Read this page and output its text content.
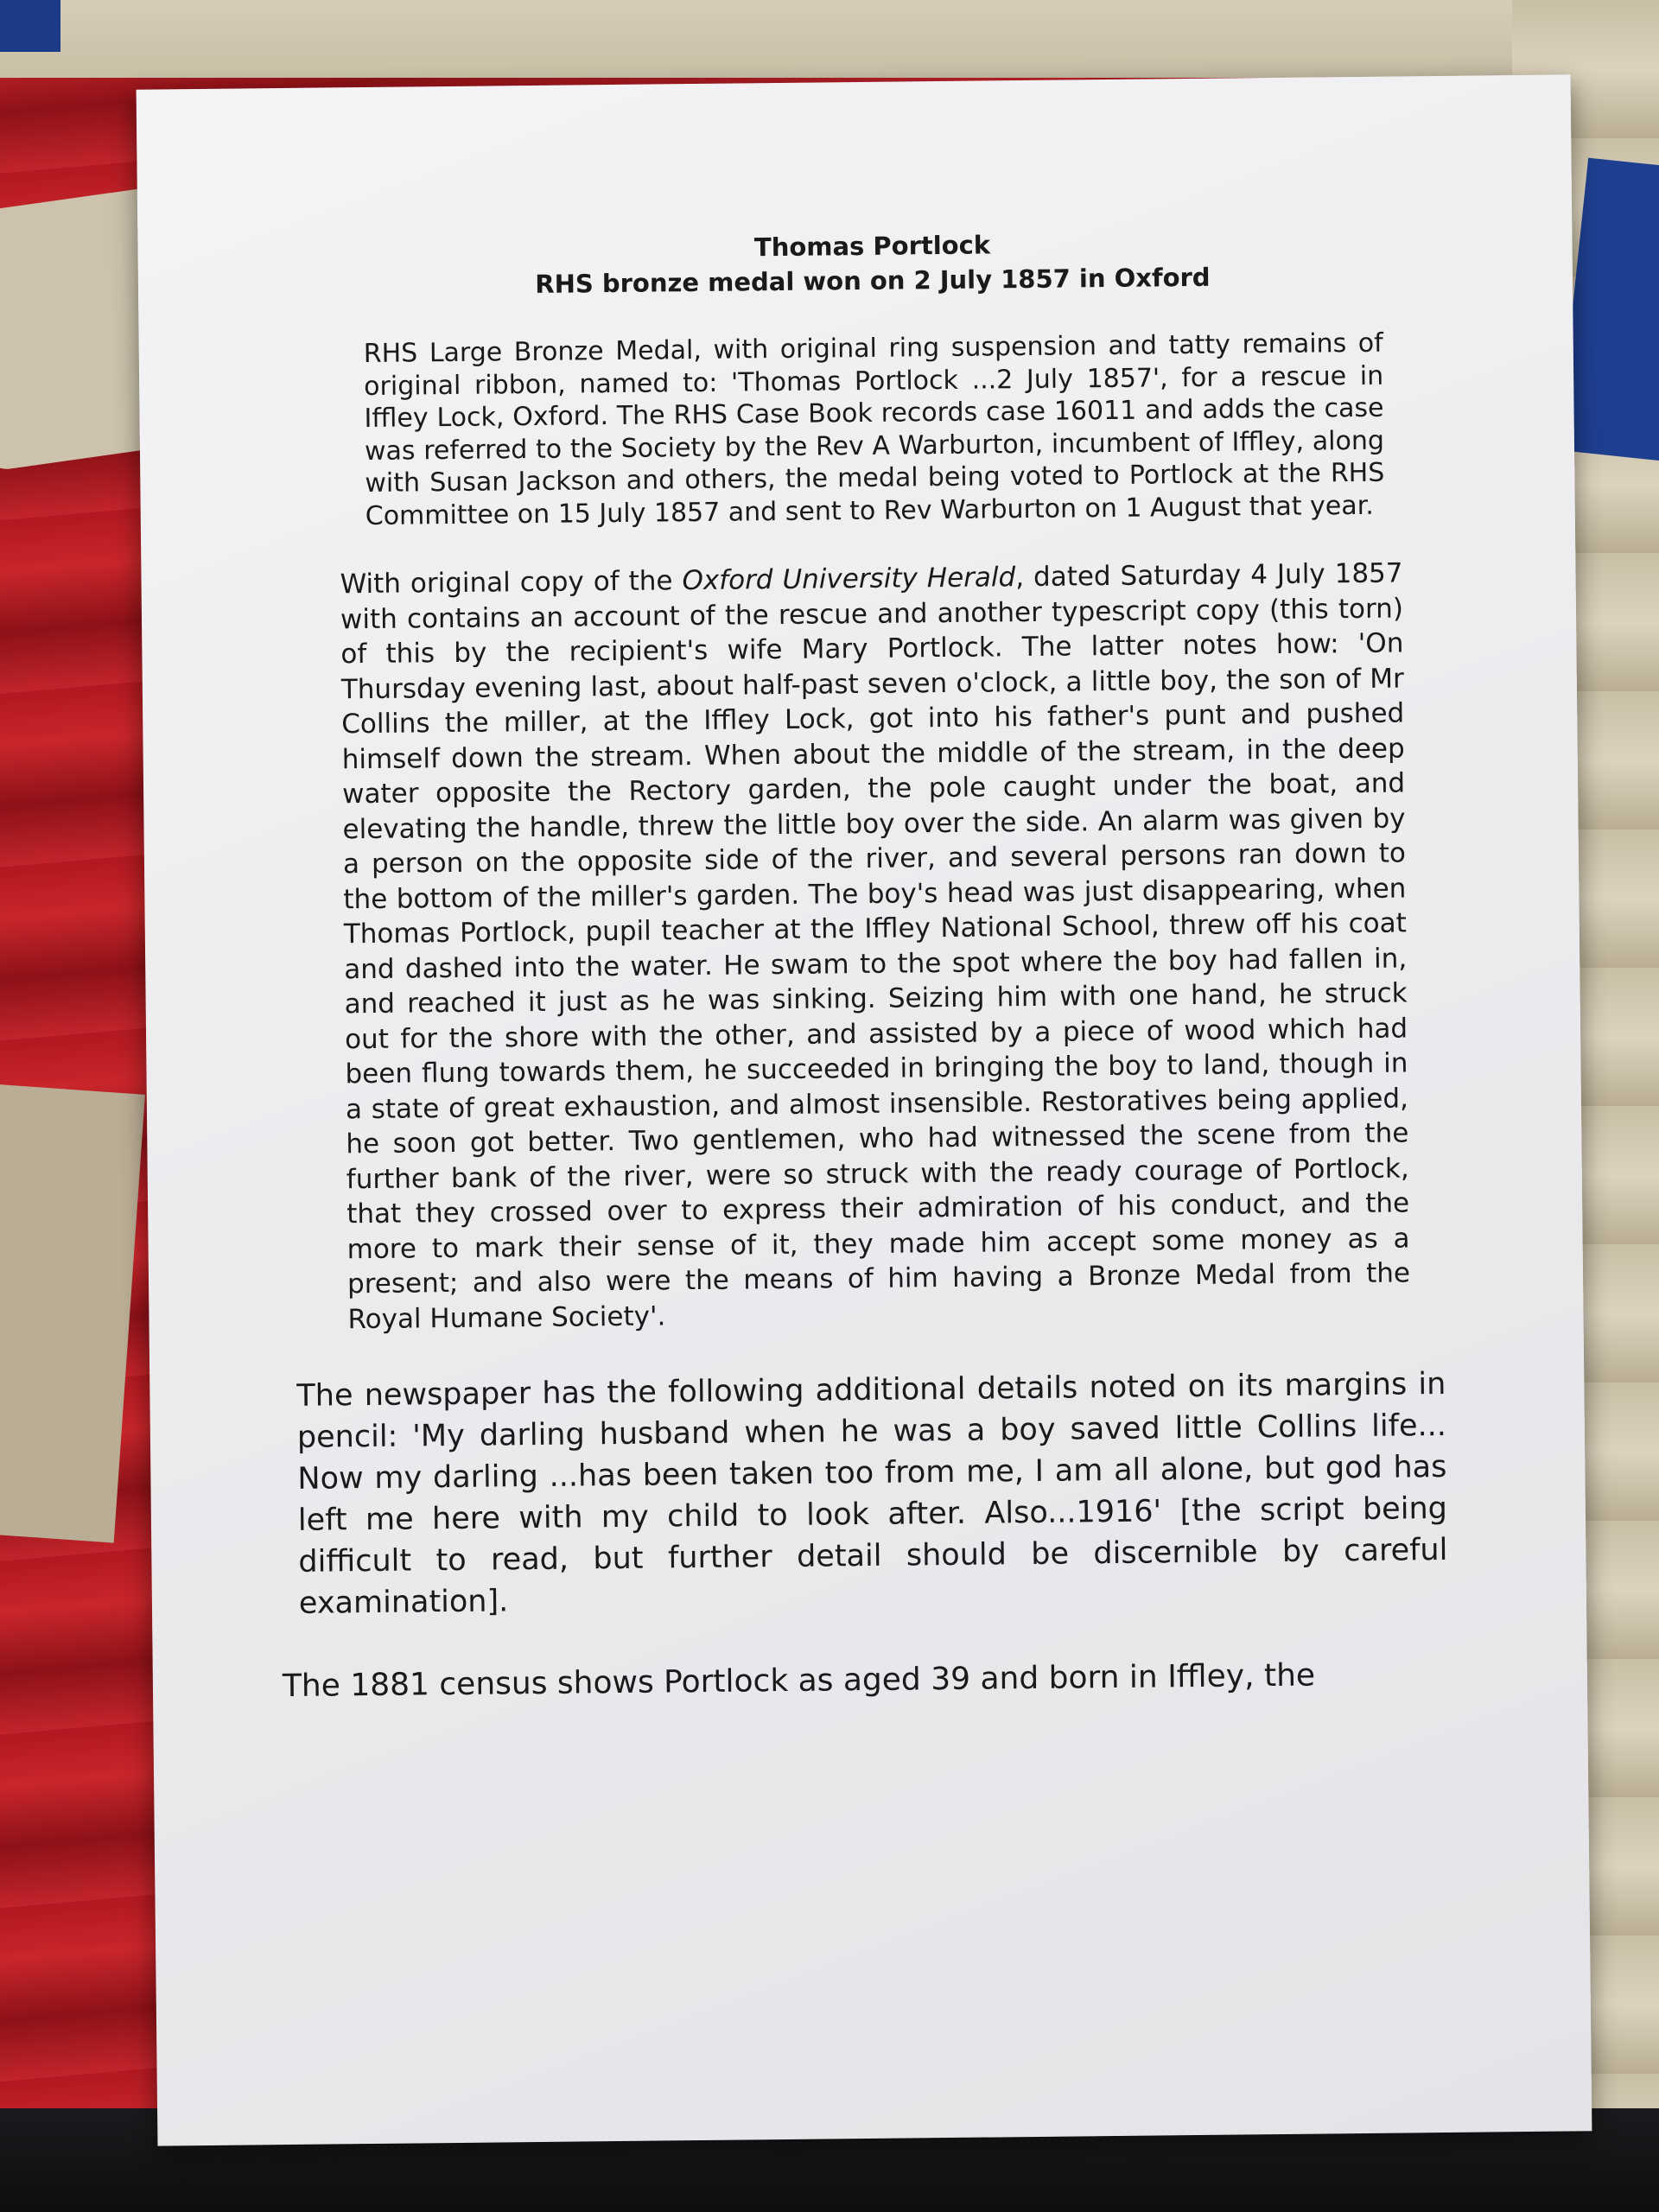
Thomas Portlock
RHS bronze medal won on 2 July 1857 in Oxford

RHS Large Bronze Medal, with original ring suspension and tatty remains of original ribbon, named to: 'Thomas Portlock ...2 July 1857', for a rescue in Iffley Lock, Oxford. The RHS Case Book records case 16011 and adds the case was referred to the Society by the Rev A Warburton, incumbent of Iffley, along with Susan Jackson and others, the medal being voted to Portlock at the RHS Committee on 15 July 1857 and sent to Rev Warburton on 1 August that year.

With original copy of the Oxford University Herald, dated Saturday 4 July 1857 with contains an account of the rescue and another typescript copy (this torn) of this by the recipient's wife Mary Portlock. The latter notes how: 'On Thursday evening last, about half-past seven o'clock, a little boy, the son of Mr Collins the miller, at the Iffley Lock, got into his father's punt and pushed himself down the stream. When about the middle of the stream, in the deep water opposite the Rectory garden, the pole caught under the boat, and elevating the handle, threw the little boy over the side. An alarm was given by a person on the opposite side of the river, and several persons ran down to the bottom of the miller's garden. The boy's head was just disappearing, when Thomas Portlock, pupil teacher at the Iffley National School, threw off his coat and dashed into the water. He swam to the spot where the boy had fallen in, and reached it just as he was sinking. Seizing him with one hand, he struck out for the shore with the other, and assisted by a piece of wood which had been flung towards them, he succeeded in bringing the boy to land, though in a state of great exhaustion, and almost insensible. Restoratives being applied, he soon got better. Two gentlemen, who had witnessed the scene from the further bank of the river, were so struck with the ready courage of Portlock, that they crossed over to express their admiration of his conduct, and the more to mark their sense of it, they made him accept some money as a present; and also were the means of him having a Bronze Medal from the Royal Humane Society'.

The newspaper has the following additional details noted on its margins in pencil: 'My darling husband when he was a boy saved little Collins life... Now my darling ...has been taken too from me, I am all alone, but god has left me here with my child to look after. Also...1916' [the script being difficult to read, but further detail should be discernible by careful examination].

The 1881 census shows Portlock as aged 39 and born in Iffley, the
